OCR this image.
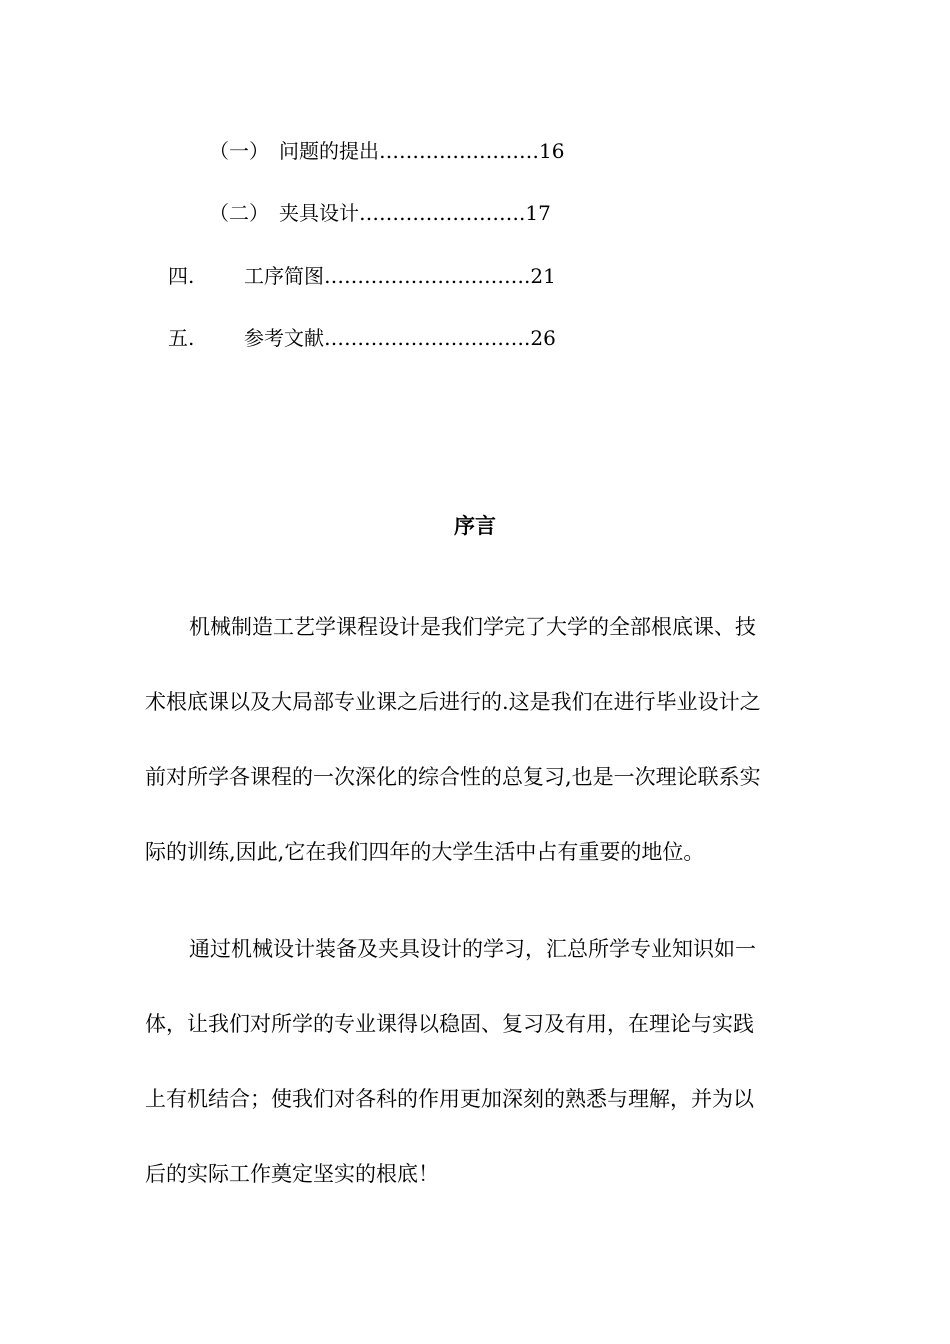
（一） 问题的提出……………………16
（二） 夹具设计…………………….17
四. 工序简图………………………….21
五. 参考文献………………………….26
序言
机械制造工艺学课程设计是我们学完了大学的全部根底课、技
术根底课以及大局部专业课之后进行的.这是我们在进行毕业设计之
前对所学各课程的一次深化的综合性的总复习,也是一次理论联系实
际的训练,因此,它在我们四年的大学生活中占有重要的地位。
通过机械设计装备及夹具设计的学习，汇总所学专业知识如一
体，让我们对所学的专业课得以稳固、复习及有用，在理论与实践
上有机结合；使我们对各科的作用更加深刻的熟悉与理解，并为以
后的实际工作奠定坚实的根底！
